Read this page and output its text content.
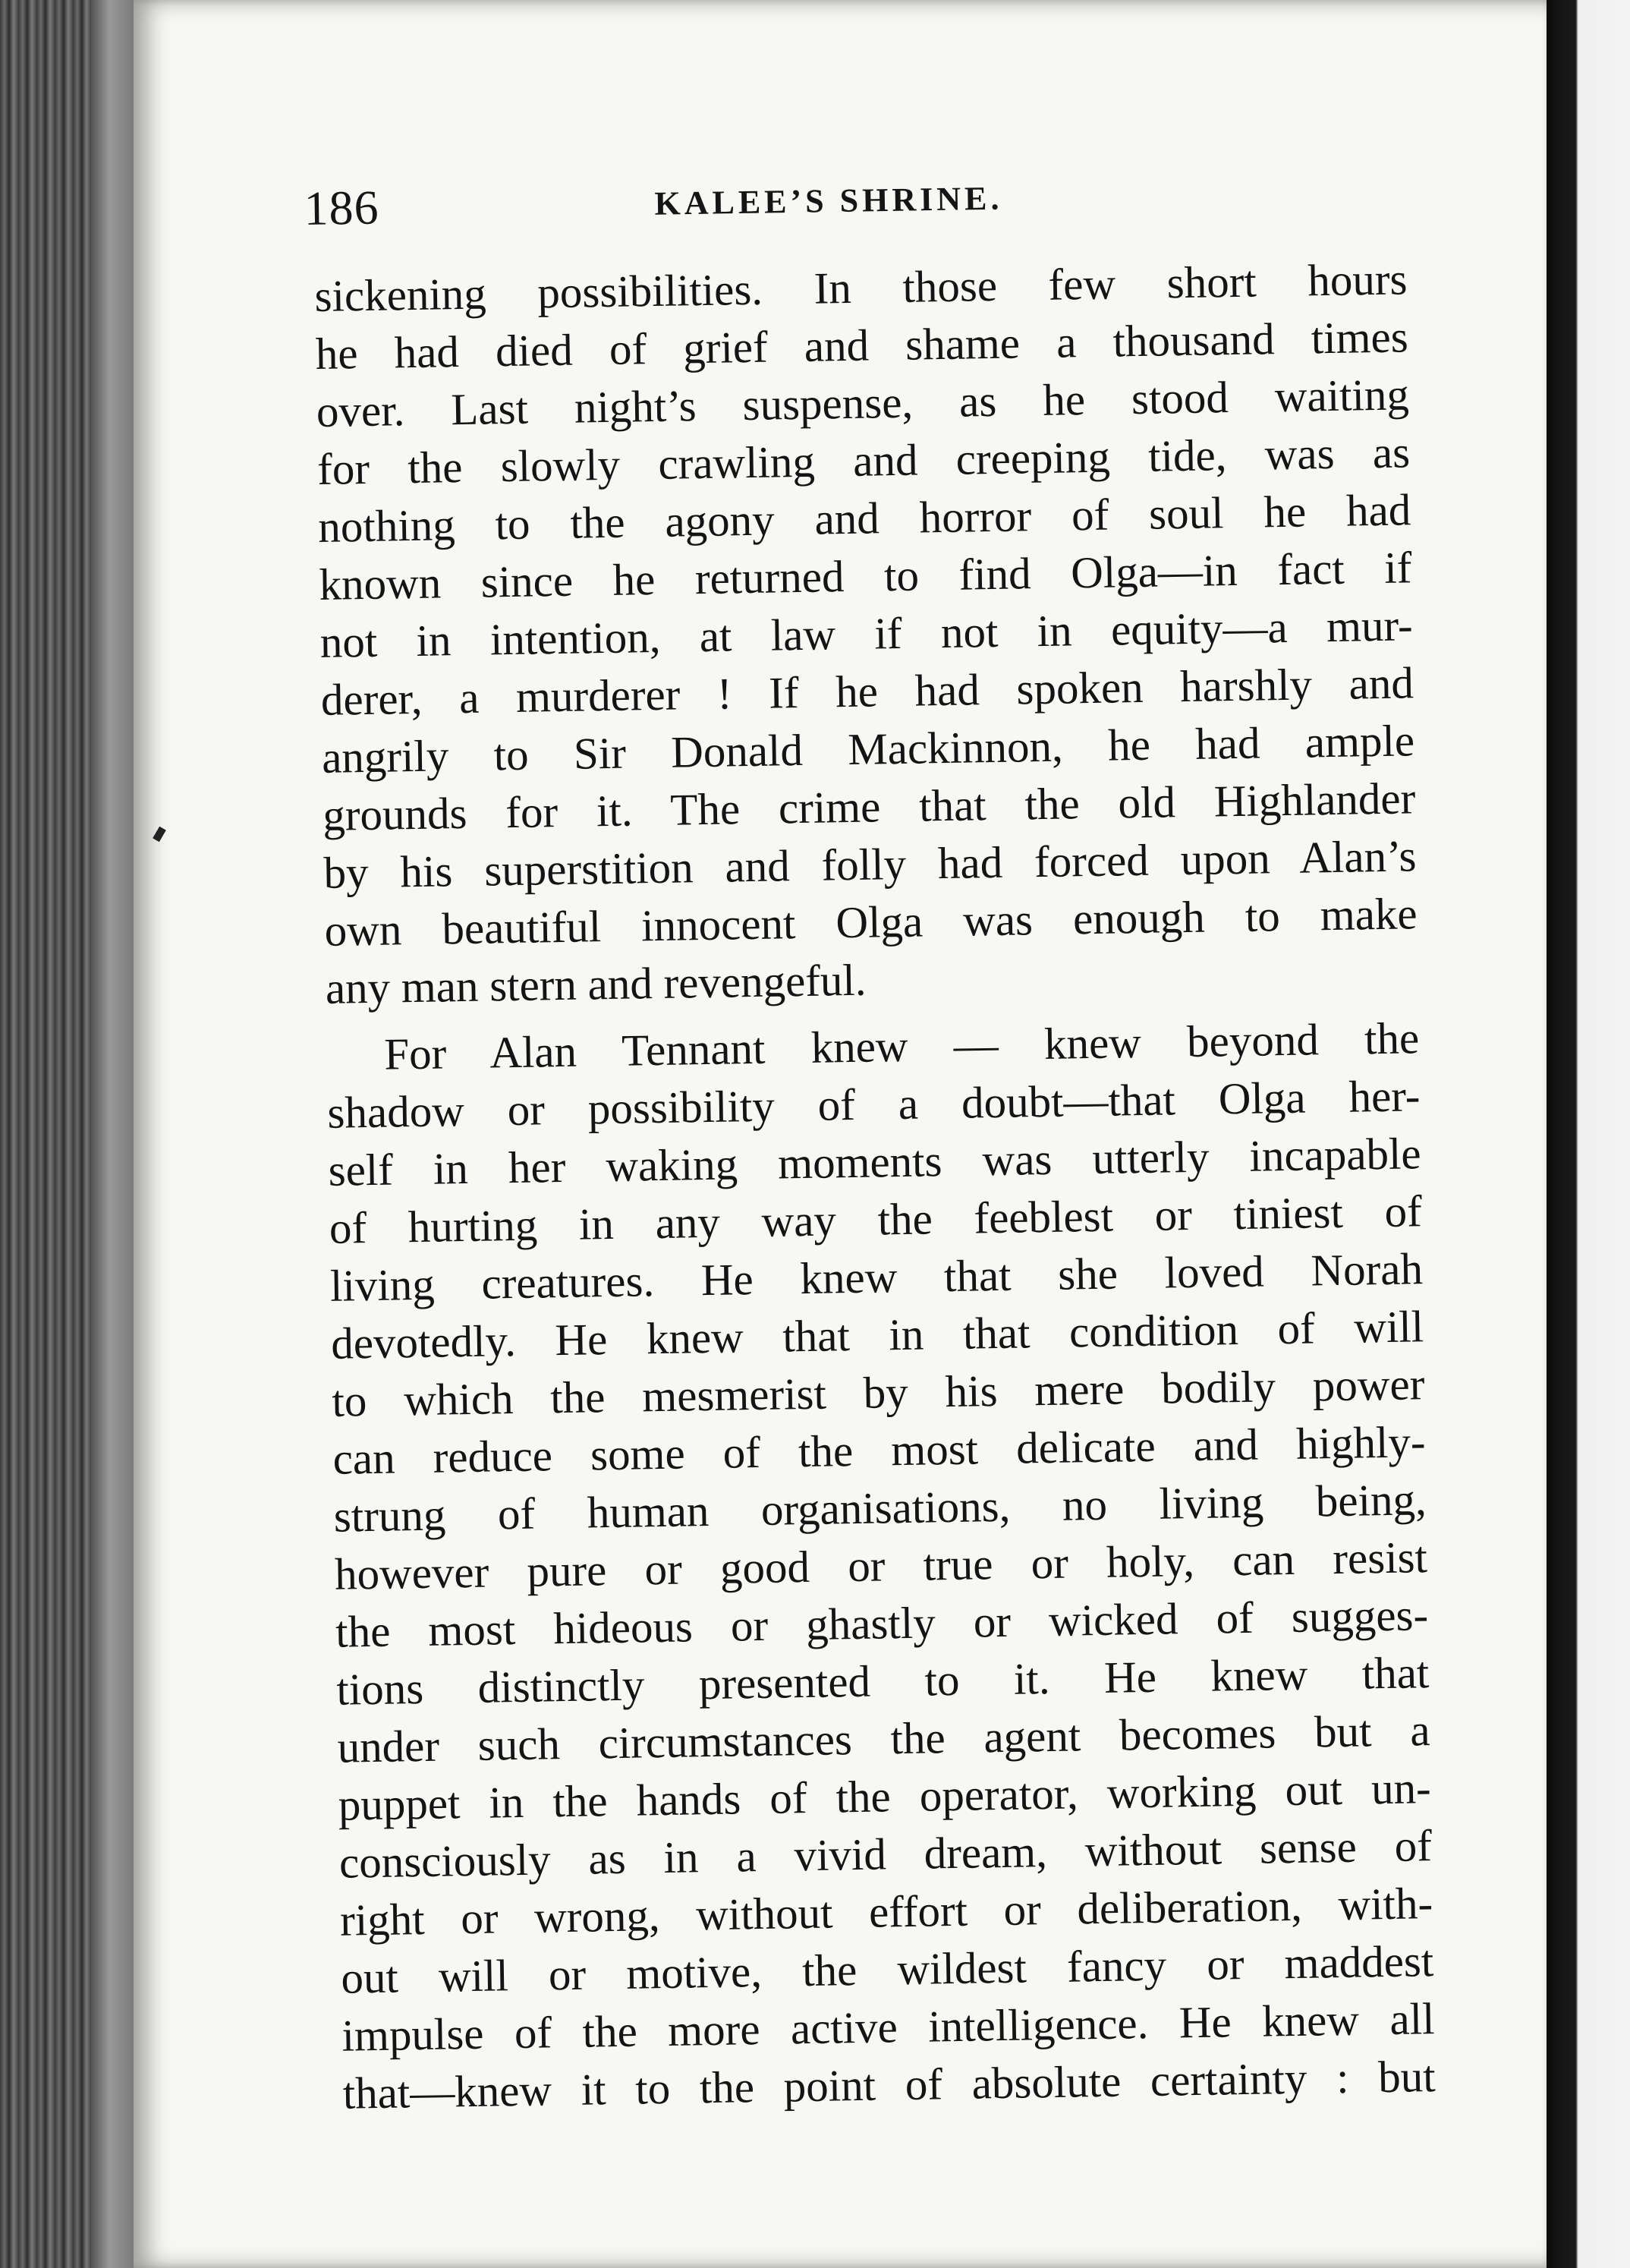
186	KALEE’S SHRINE.
sickening possibilities. In those few short hours
he had died of grief and shame a thousand times
over. Last night’s suspense, as he stood waiting
for the slowly crawling and creeping tide, was as
nothing to the agony and horror of soul he had
known since he returned to find Olga—in fact if
not in intention, at law if not in equity—a mur-
derer, a murderer ! If he had spoken harshly and
angrily to Sir Donald Mackinnon, he had ample
grounds for it. The crime that the old Highlander
by his superstition and folly had forced upon Alan’s
own beautiful innocent Olga was enough to make
any man stern and revengeful.
For Alan Tennant knew — knew beyond the
shadow or possibility of a doubt—that Olga her-
self in her waking moments was utterly incapable
of hurting in any way the feeblest or tiniest of
living creatures. He knew that she loved Norah
devotedly. He knew that in that condition of will
to which the mesmerist by his mere bodily power
can reduce some of the most delicate and highly-
strung of human organisations, no living being,
however pure or good or true or holy, can resist
the most hideous or ghastly or wicked of sugges-
tions distinctly presented to it. He knew that
under such circumstances the agent becomes but a
puppet in the hands of the operator, working out un-
consciously as in a vivid dream, without sense of
right or wrong, without effort or deliberation, with-
out will or motive, the wildest fancy or maddest
impulse of the more active intelligence. He knew all
that—knew it to the point of absolute certainty : but
